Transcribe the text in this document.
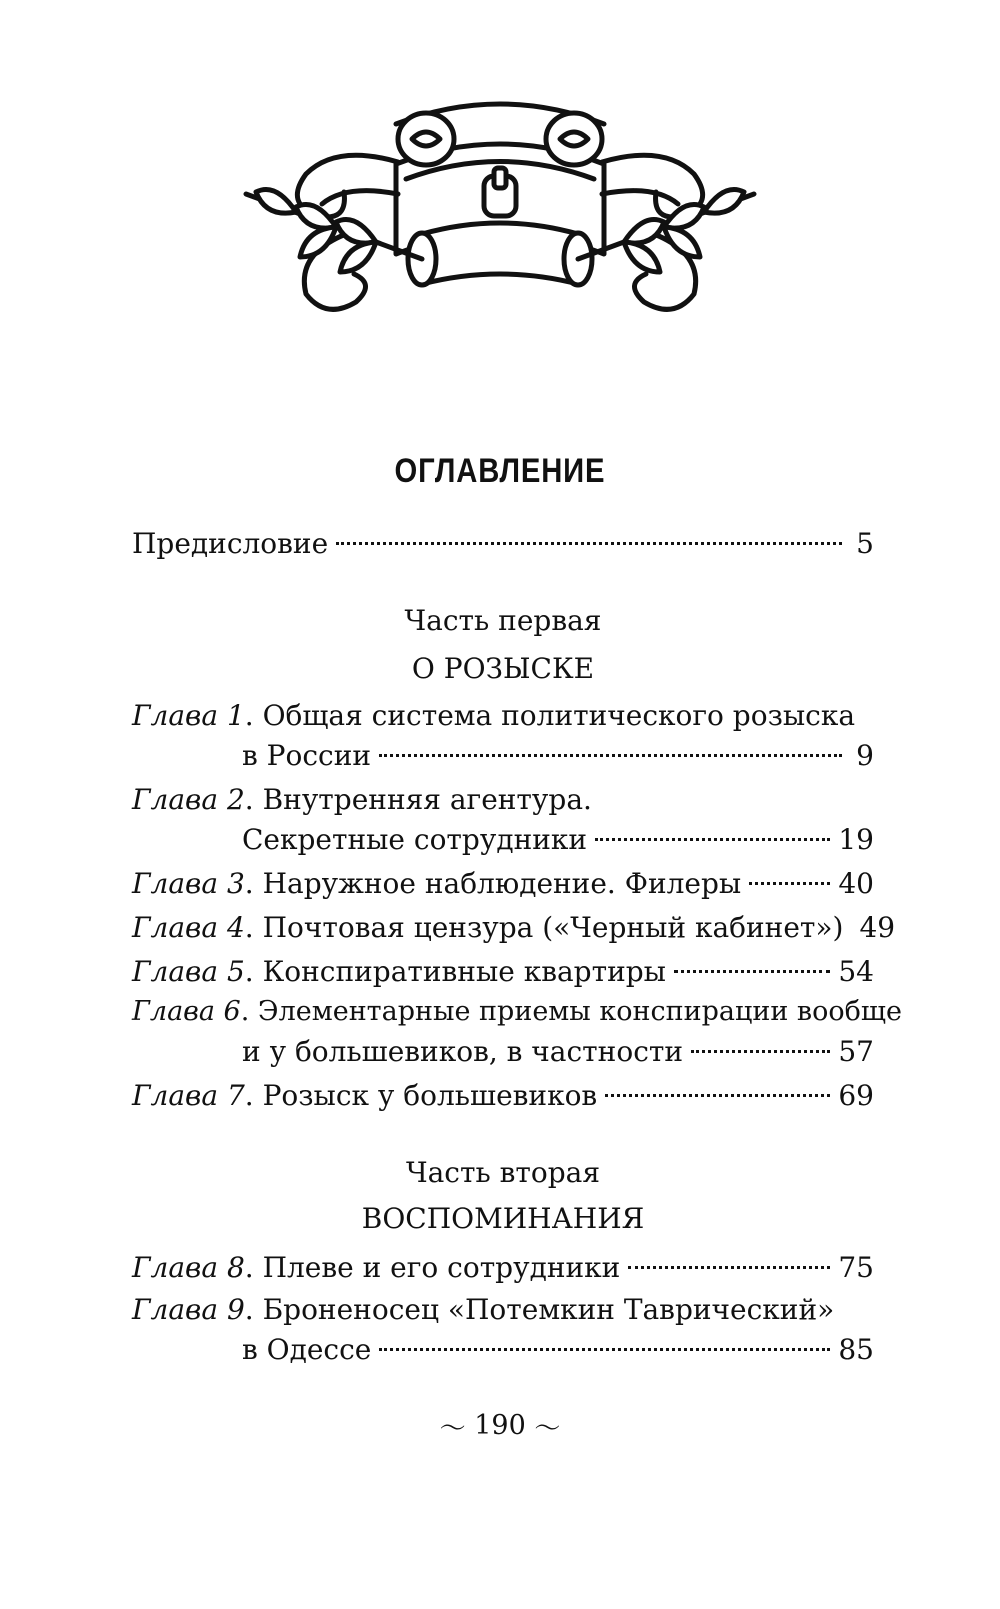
ОГЛАВЛЕНИЕ
Предисловие	5
Часть первая
О РОЗЫСКЕ
Глава 1. Общая система политического розыска
в России	9
Глава 2. Внутренняя агентура.
Секретные сотрудники	19
Глава 3. Наружное наблюдение. Филеры	40
Глава 4. Почтовая цензура («Черный кабинет») 49
Глава 5. Конспиративные квартиры	54
Глава 6. Элементарные приемы конспирации вообще
и у большевиков, в частности	57
Глава 7. Розыск у большевиков	69
Часть вторая
ВОСПОМИНАНИЯ
Глава 8. Плеве и его сотрудники	75
Глава 9. Броненосец «Потемкин Таврический»
в Одессе	85
〜 190 〜
